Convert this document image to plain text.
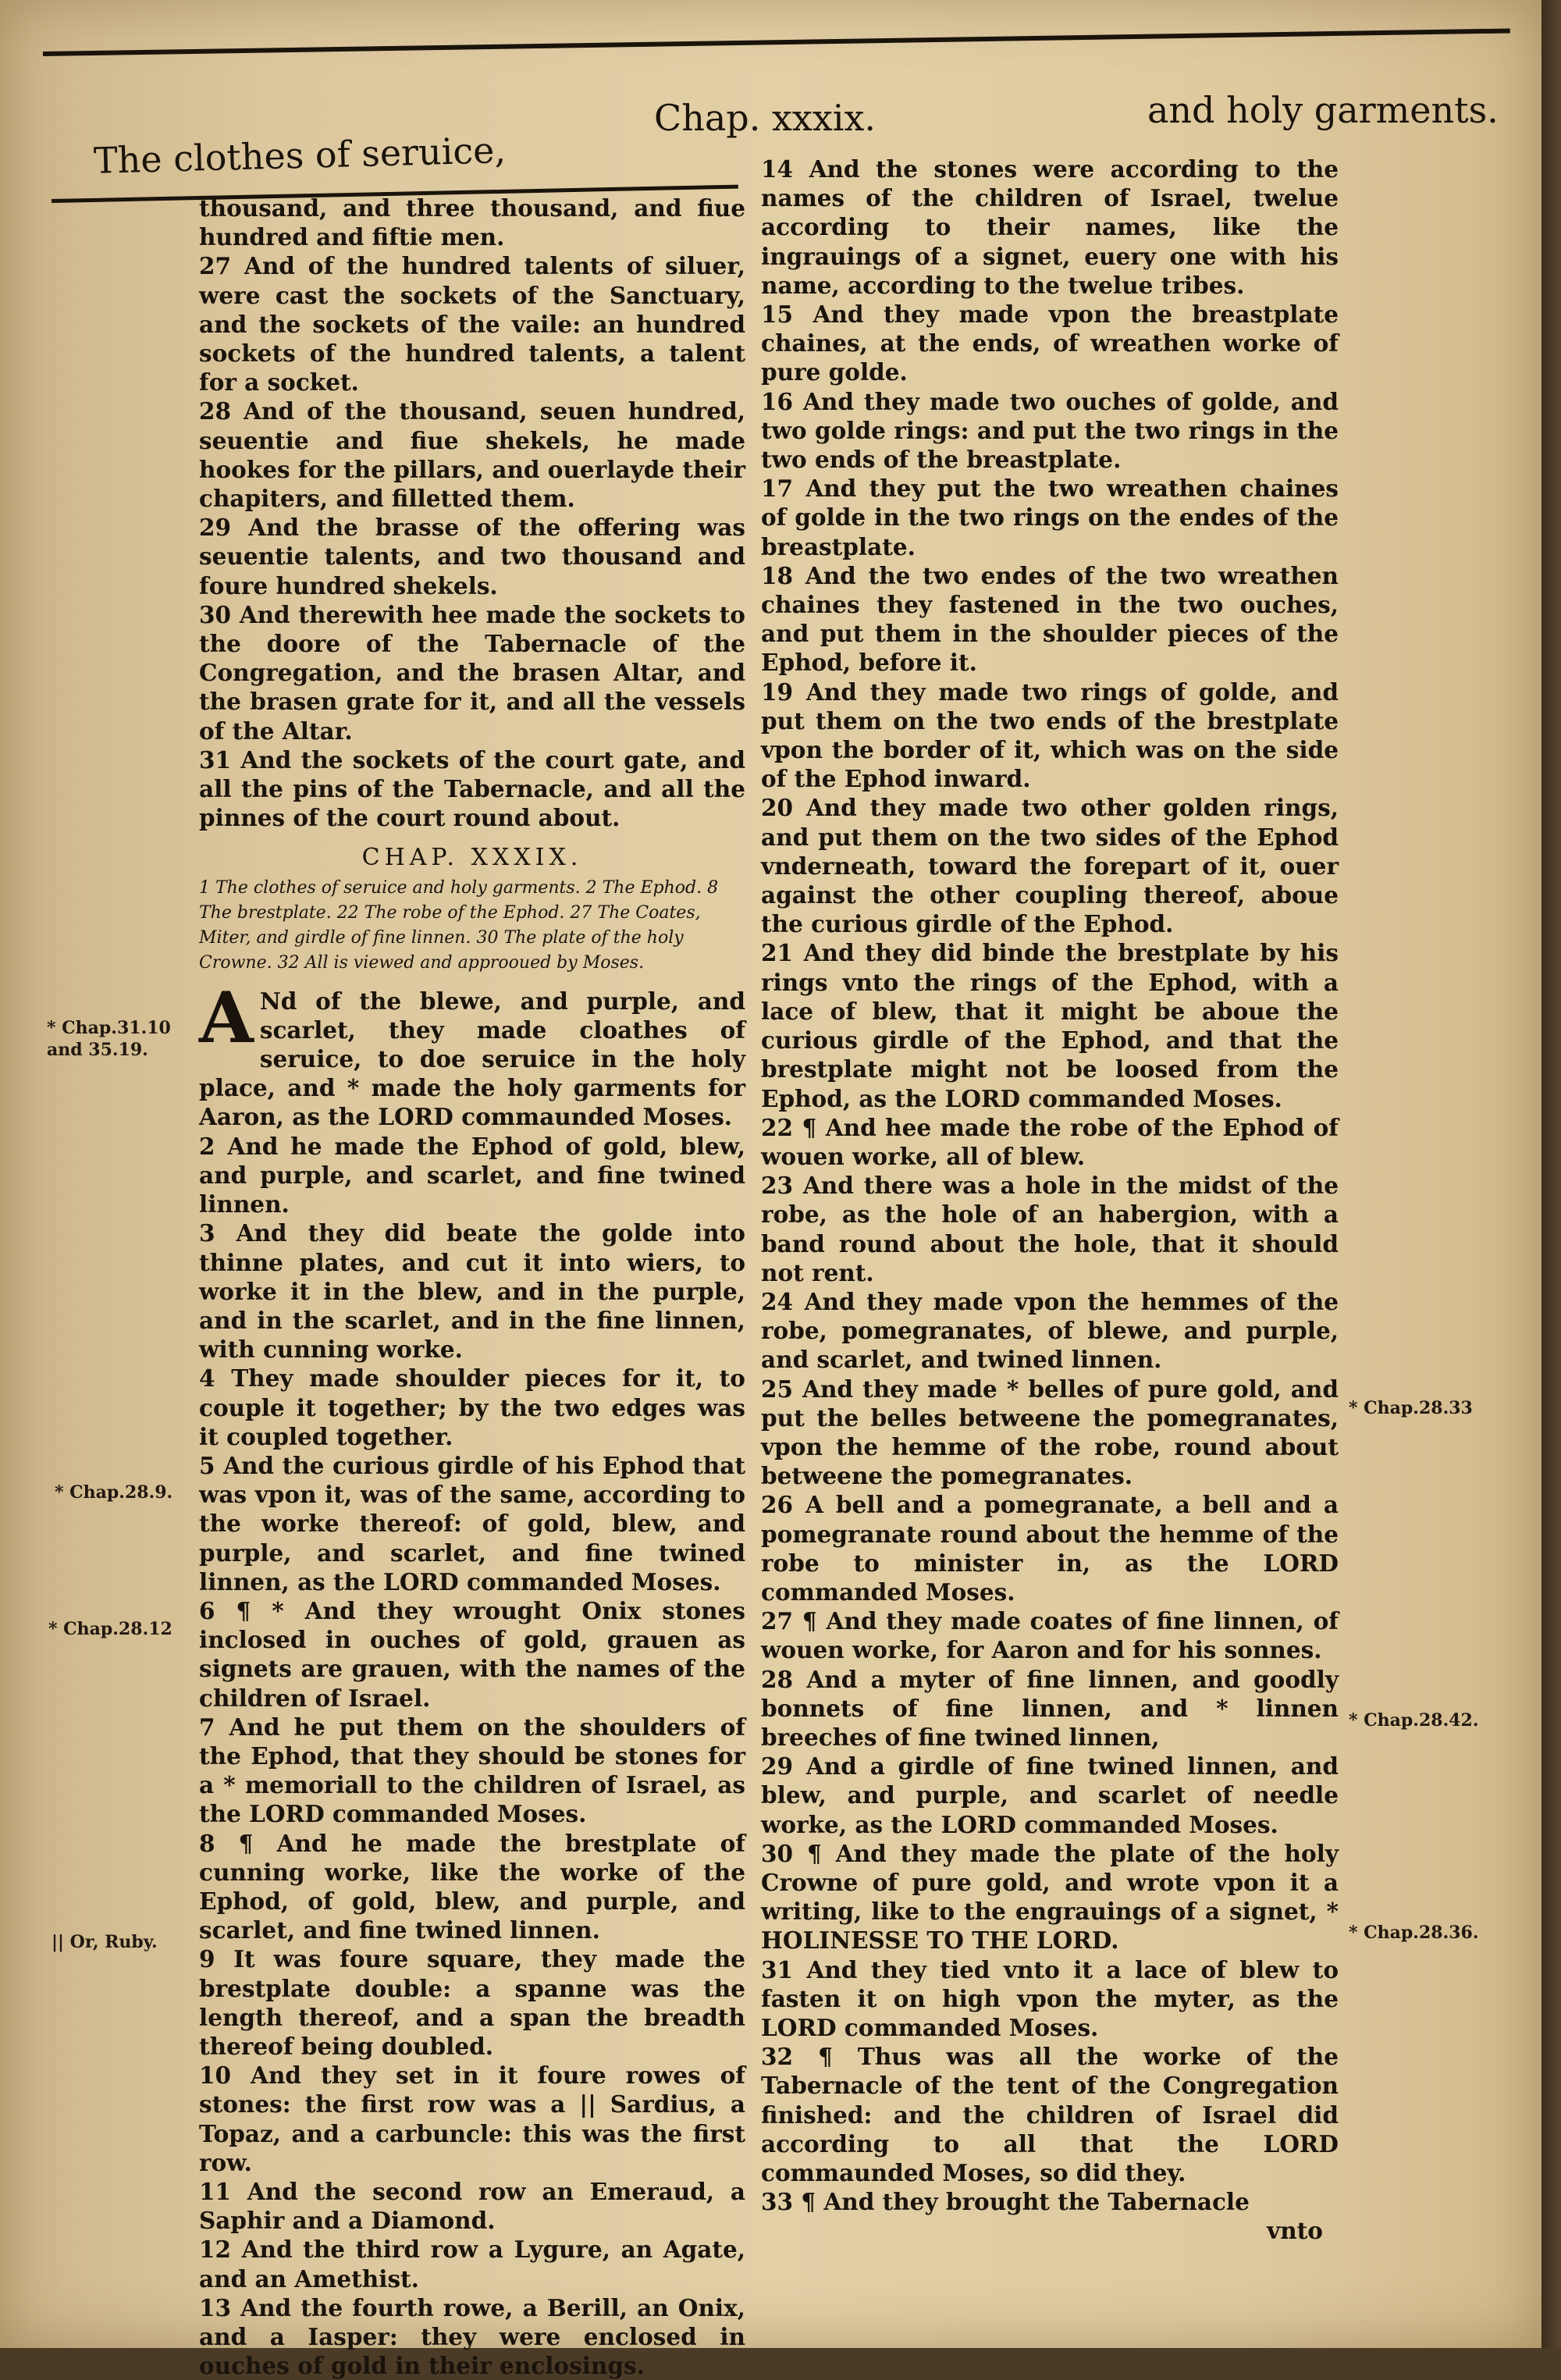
The clothes of seruice,
Chap. xxxix.	and holy garments.

thousand, and three thousand, and fiue hundred and fiftie men.

27 And of the hundred talents of siluer, were cast the sockets of the Sanctuary, and the sockets of the vaile: an hundred sockets of the hundred talents, a talent for a socket.

28 And of the thousand, seuen hundred, seuentie and fiue shekels, he made hookes for the pillars, and ouerlayde their chapiters, and filletted them.

29 And the brasse of the offering was seuentie talents, and two thousand and foure hundred shekels.

30 And therewith hee made the sockets to the doore of the Tabernacle of the Congregation, and the brasen Altar, and the brasen grate for it, and all the vessels of the Altar.

31 And the sockets of the court gate, and all the pins of the Tabernacle, and all the pinnes of the court round about.

CHAP. XXXIX.

1 The clothes of seruice and holy garments. 2 The Ephod. 8 The brestplate. 22 The robe of the Ephod. 27 The Coates, Miter, and girdle of fine linnen. 30 The plate of the holy Crowne. 32 All is viewed and approoued by Moses.

A Nd of the blewe, and purple, and scarlet, they made cloathes of seruice, to doe seruice in the holy place, and * made the holy garments for Aaron, as the LORD commaunded Moses.

2 And he made the Ephod of gold, blew, and purple, and scarlet, and fine twined linnen.

3 And they did beate the golde into thinne plates, and cut it into wiers, to worke it in the blew, and in the purple, and in the scarlet, and in the fine linnen, with cunning worke.

4 They made shoulder pieces for it, to couple it together; by the two edges was it coupled together.

5 And the curious girdle of his Ephod that was vpon it, was of the same, according to the worke thereof: of gold, blew, and purple, and scarlet, and fine twined linnen, as the LORD commanded Moses.

6 ¶ * And they wrought Onix stones inclosed in ouches of gold, grauen as signets are grauen, with the names of the children of Israel.

7 And he put them on the shoulders of the Ephod, that they should be stones for a * memoriall to the children of Israel, as the LORD commanded Moses.

8 ¶ And he made the brestplate of cunning worke, like the worke of the Ephod, of gold, blew, and purple, and scarlet, and fine twined linnen.

9 It was foure square, they made the brestplate double: a spanne was the length thereof, and a span the breadth thereof being doubled.

10 And they set in it foure rowes of stones: the first row was a || Sardius, a Topaz, and a carbuncle: this was the first row.

11 And the second row an Emeraud, a Saphir and a Diamond.

12 And the third row a Lygure, an Agate, and an Amethist.

13 And the fourth rowe, a Berill, an Onix, and a Iasper: they were enclosed in ouches of gold in their enclosings.

14 And the stones were according to the names of the children of Israel, twelue according to their names, like the ingrauings of a signet, euery one with his name, according to the twelue tribes.

15 And they made vpon the breastplate chaines, at the ends, of wreathen worke of pure golde.

16 And they made two ouches of golde, and two golde rings: and put the two rings in the two ends of the breastplate.

17 And they put the two wreathen chaines of golde in the two rings on the endes of the breastplate.

18 And the two endes of the two wreathen chaines they fastened in the two ouches, and put them in the shoulder pieces of the Ephod, before it.

19 And they made two rings of golde, and put them on the two ends of the brestplate vpon the border of it, which was on the side of the Ephod inward.

20 And they made two other golden rings, and put them on the two sides of the Ephod vnderneath, toward the forepart of it, ouer against the other coupling thereof, aboue the curious girdle of the Ephod.

21 And they did binde the brestplate by his rings vnto the rings of the Ephod, with a lace of blew, that it might be aboue the curious girdle of the Ephod, and that the brestplate might not be loosed from the Ephod, as the LORD commanded Moses.

22 ¶ And hee made the robe of the Ephod of wouen worke, all of blew.

23 And there was a hole in the midst of the robe, as the hole of an habergion, with a band round about the hole, that it should not rent.

24 And they made vpon the hemmes of the robe, pomegranates, of blewe, and purple, and scarlet, and twined linnen.

25 And they made * belles of pure gold, and put the belles betweene the pomegranates, vpon the hemme of the robe, round about betweene the pomegranates.

26 A bell and a pomegranate, a bell and a pomegranate round about the hemme of the robe to minister in, as the LORD commanded Moses.

27 ¶ And they made coates of fine linnen, of wouen worke, for Aaron and for his sonnes.

28 And a myter of fine linnen, and goodly bonnets of fine linnen, and * linnen breeches of fine twined linnen,

29 And a girdle of fine twined linnen, and blew, and purple, and scarlet of needle worke, as the LORD commanded Moses.

30 ¶ And they made the plate of the holy Crowne of pure gold, and wrote vpon it a writing, like to the engrauings of a signet, * HOLINESSE TO THE LORD.

31 And they tied vnto it a lace of blew to fasten it on high vpon the myter, as the LORD commanded Moses.

32 ¶ Thus was all the worke of the Tabernacle of the tent of the Congregation finished: and the children of Israel did according to all that the LORD commaunded Moses, so did they.

33 ¶ And they brought the Tabernacle

vnto

* Chap.31.10 and 35.19.
* Chap.28.9.
* Chap.28.12
|| Or, Ruby.
* Chap.28.33
* Chap.28.42.
* Chap.28.36.
